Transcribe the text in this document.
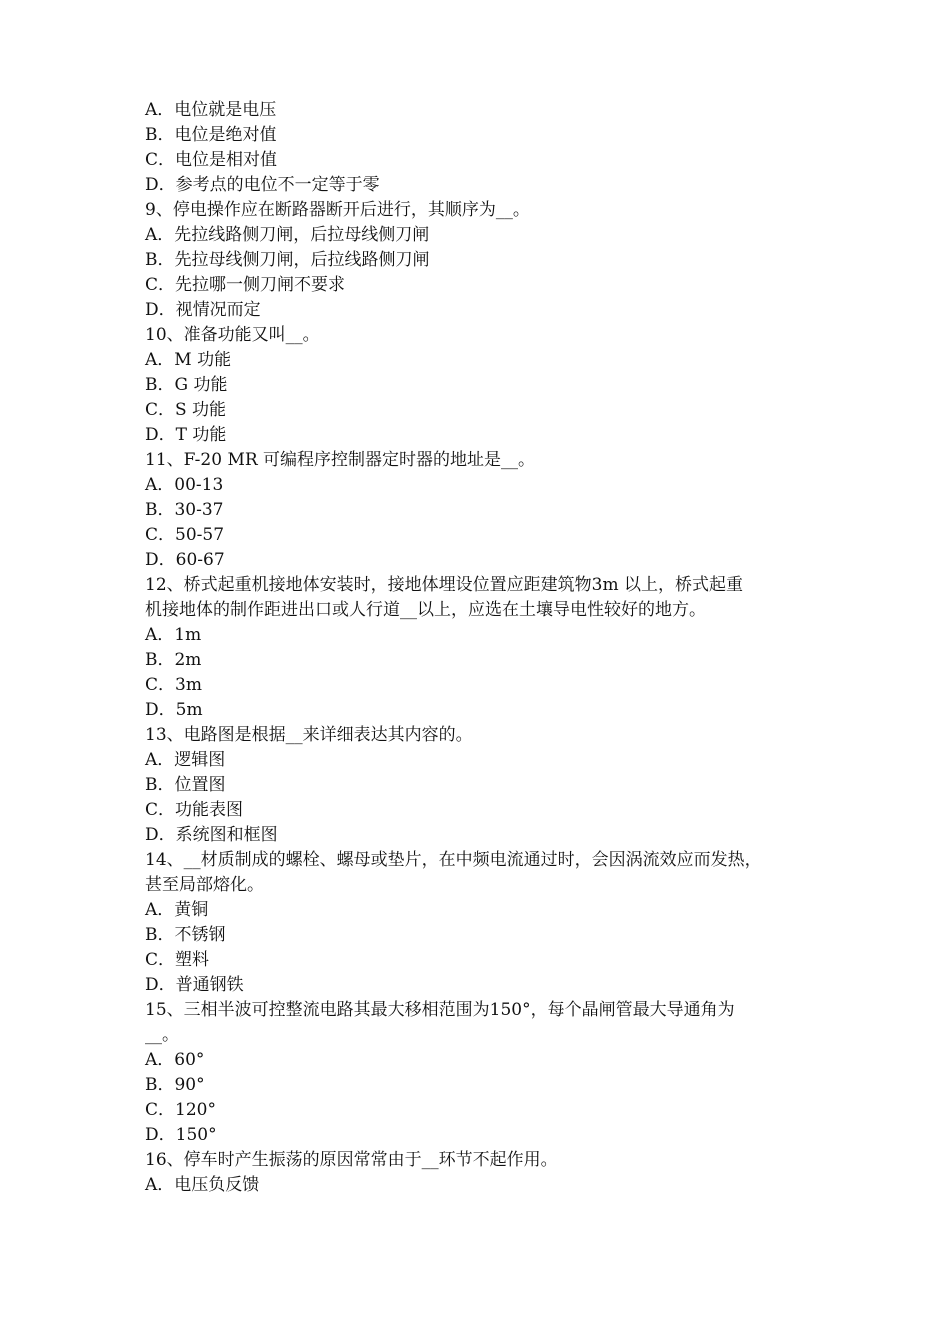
A．电位就是电压

B．电位是绝对值

C．电位是相对值

D．参考点的电位不一定等于零

9、停电操作应在断路器断开后进行，其顺序为__。

A．先拉线路侧刀闸，后拉母线侧刀闸

B．先拉母线侧刀闸，后拉线路侧刀闸

C．先拉哪一侧刀闸不要求

D．视情况而定

10、准备功能又叫__。

A．M 功能

B．G 功能

C．S 功能

D．T 功能

11、F-20 MR 可编程序控制器定时器的地址是__。

A．00-13

B．30-37

C．50-57

D．60-67

12、桥式起重机接地体安装时，接地体埋设位置应距建筑物3m 以上，桥式起重

机接地体的制作距进出口或人行道__以上，应选在土壤导电性较好的地方。

A．1m

B．2m

C．3m

D．5m

13、电路图是根据__来详细表达其内容的。

A．逻辑图

B．位置图

C．功能表图

D．系统图和框图

14、__材质制成的螺栓、螺母或垫片，在中频电流通过时，会因涡流效应而发热，

甚至局部熔化。

A．黄铜

B．不锈钢

C．塑料

D．普通钢铁

15、三相半波可控整流电路其最大移相范围为150°，每个晶闸管最大导通角为

__。

A．60°

B．90°

C．120°

D．150°

16、停车时产生振荡的原因常常由于__环节不起作用。

A．电压负反馈
